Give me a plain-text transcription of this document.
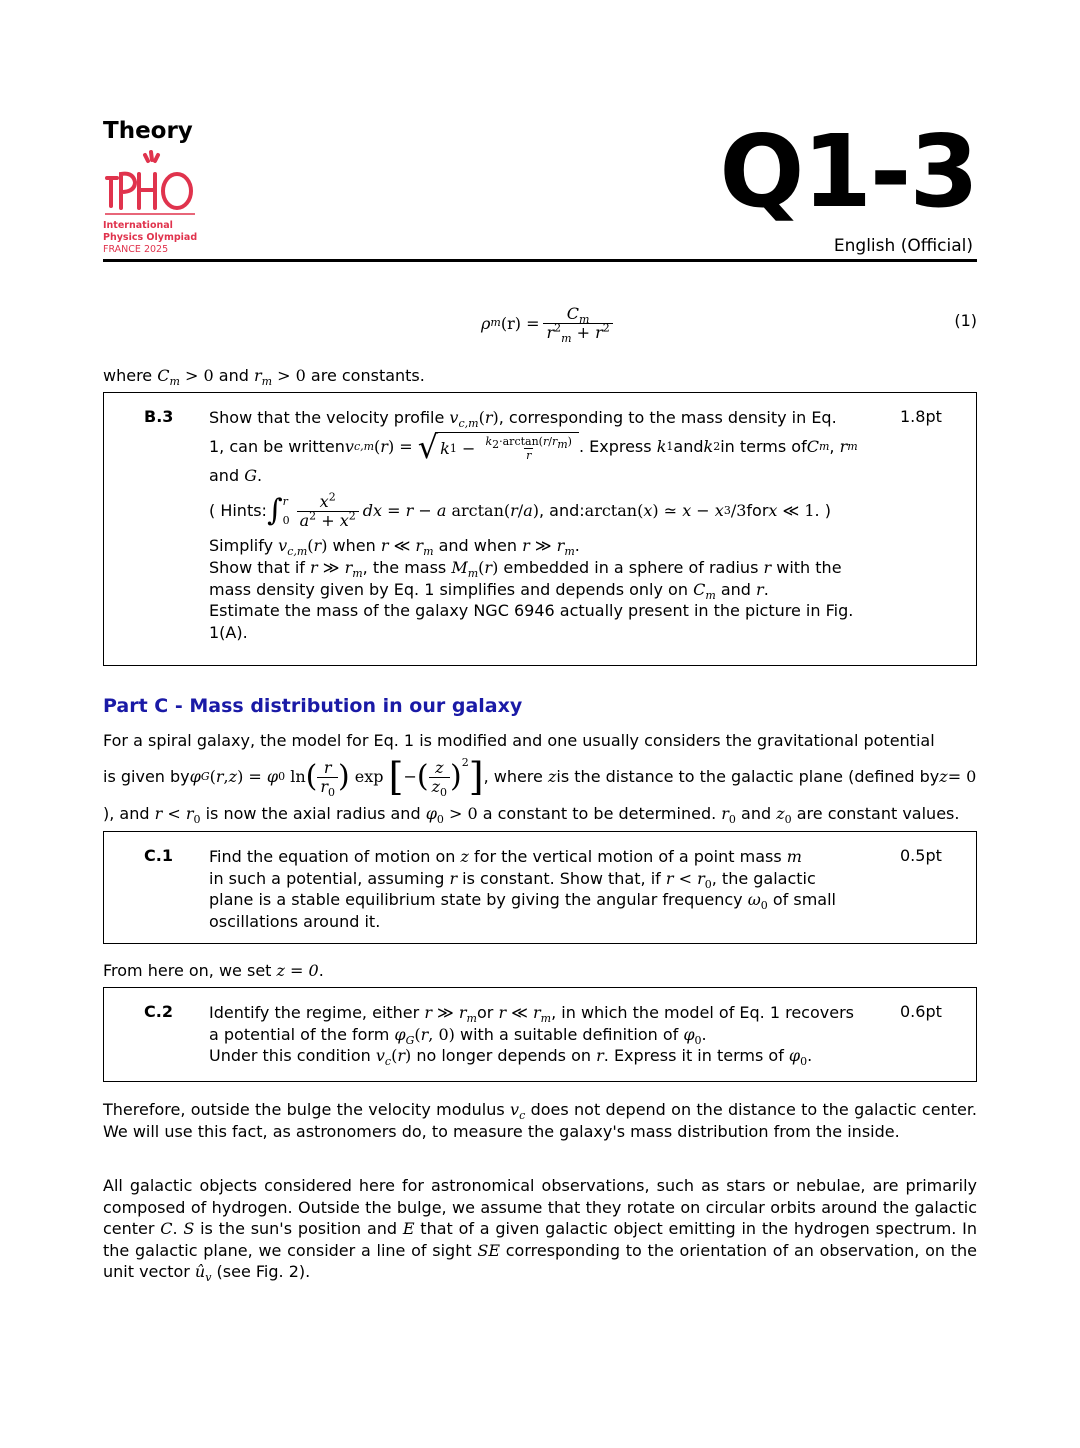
Theory
International
Physics Olympiad
FRANCE 2025
Q1-3
English (Official)
ρ m $(r) = \frac{C_m}{r^2_m + r^2}$	(1)
where $C_m > 0$ and $r_m > 0$ are constants.
B.3	1.8pt
Show that the velocity profile $v_{c,m}(r)$, corresponding to the mass density in Eq.
1, can be written v c,m ( r ) = √ k $1 - \frac{k_2\cdot\arctan(r/r_m)}{r}$ . Express
k 1 and k 2 in terms of C m , r m
and G.
( Hints: ∫ r
$0 \frac{x^2}{a^2 + x^2}$ dx = r − a
arctan( r / a ) , and: arctan( x ) ≃ x − x 3 /3 for x ≪ 1 . )
Simplify $v_{c,m}(r)$ when r ≪ $r_m$ and when r ≫ $r_m$.
Show that if r ≫ $r_m$, the mass $M_m(r)$ embedded in a sphere of radius r with the
mass density given by Eq. 1 simplifies and depends only on $C_m$ and r.
Estimate the mass of the galaxy NGC 6946 actually present in the picture in Fig. 1(A).
Part C - Mass distribution in our galaxy
For a spiral galaxy, the model for Eq. 1 is modified and one usually considers the gravitational potential
is given by φ G ( r , z ) = φ 0
ln ( $\frac{r}{r_0}$ ) exp [ − ( $\frac{z}{z_0} )^2$ ] , where
z is the distance to the galactic plane (defined by z = 0
), and $r < r_0$ is now the axial radius and $\varphi_0 > 0$ a constant to be determined. $r_0$ and $z_0$ are constant values.
C.1	0.5pt
Find the equation of motion on z for the vertical motion of a point mass m
in such a potential, assuming r is constant. Show that, if $r < r_0$, the galactic
plane is a stable equilibrium state by giving the angular frequency $\omega_0$ of small
oscillations around it.
From here on, we set z = 0.
C.2	0.6pt
Identify the regime, either r ≫ $r_mor$ r ≪ $r_m$, in which the model of Eq. 1 recovers
a potential of the form $\varphi_G(r$, 0) with a suitable definition of $\varphi_0$.
Under this condition $v_c(r)$ no longer depends on r. Express it in terms of $\varphi_0$.
Therefore, outside the bulge the velocity modulus $v_c$ does not depend on the distance to the galactic center. We will use this fact, as astronomers do, to measure the galaxy's mass distribution from the inside.
All galactic objects considered here for astronomical observations, such as stars or nebulae, are primarily composed of hydrogen. Outside the bulge, we assume that they rotate on circular orbits around the galactic center C. S is the sun's position and E that of a given galactic object emitting in the hydrogen spectrum. In the galactic plane, we consider a line of sight SE corresponding to the orientation of an observation, on the unit vector $û_v$ (see Fig. 2).
